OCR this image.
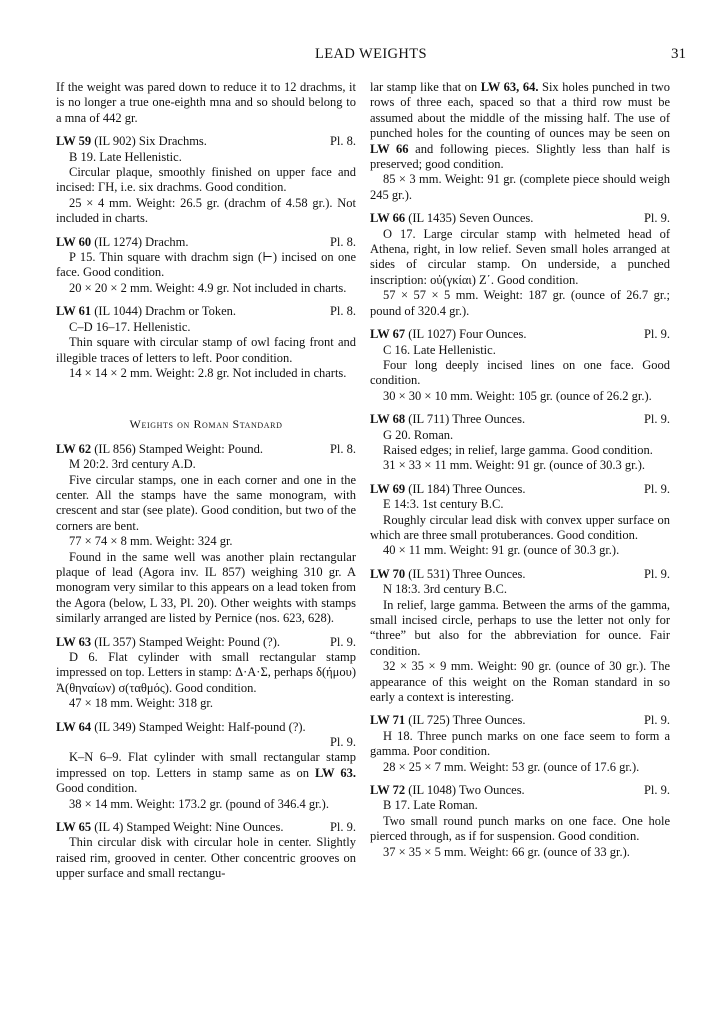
LEAD WEIGHTS	31

If the weight was pared down to reduce it to 12 drachms, it is no longer a true one-eighth mna and so should belong to a mna of 442 gr.

LW 59 (IL 902) Six Drachms.	Pl. 8.

B 19. Late Hellenistic.

Circular plaque, smoothly finished on upper face and incised: ΓΗ, i.e. six drachms. Good condition.

25 × 4 mm. Weight: 26.5 gr. (drachm of 4.58 gr.). Not included in charts.

LW 60 (IL 1274) Drachm.	Pl. 8.

P 15. Thin square with drachm sign (⊢) incised on one face. Good condition.

20 × 20 × 2 mm. Weight: 4.9 gr. Not included in charts.

LW 61 (IL 1044) Drachm or Token.	Pl. 8.

C–D 16–17. Hellenistic.

Thin square with circular stamp of owl facing front and illegible traces of letters to left. Poor condition.

14 × 14 × 2 mm. Weight: 2.8 gr. Not included in charts.

Weights on Roman Standard
LW 62 (IL 856) Stamped Weight: Pound.	Pl. 8.

M 20:2. 3rd century A.D.

Five circular stamps, one in each corner and one in the center. All the stamps have the same monogram, with crescent and star (see plate). Good condition, but two of the corners are bent.

77 × 74 × 8 mm. Weight: 324 gr.

Found in the same well was another plain rectangular plaque of lead (Agora inv. IL 857) weighing 310 gr. A monogram very similar to this appears on a lead token from the Agora (below, L 33, Pl. 20). Other weights with stamps similarly arranged are listed by Pernice (nos. 623, 628).

LW 63 (IL 357) Stamped Weight: Pound (?).	Pl. 9.

D 6. Flat cylinder with small rectangular stamp impressed on top. Letters in stamp: Δ·Α·Σ, perhaps δ(ήμου) Ἀ(θηναίων) σ(ταθμός). Good condition.

47 × 18 mm. Weight: 318 gr.

LW 64 (IL 349) Stamped Weight: Half-pound (?).
Pl. 9.

K–N 6–9. Flat cylinder with small rectangular stamp impressed on top. Letters in stamp same as on LW 63. Good condition.

38 × 14 mm. Weight: 173.2 gr. (pound of 346.4 gr.).

LW 65 (IL 4) Stamped Weight: Nine Ounces.	Pl. 9.

Thin circular disk with circular hole in center. Slightly raised rim, grooved in center. Other concentric grooves on upper surface and small rectangu-

lar stamp like that on LW 63, 64. Six holes punched in two rows of three each, spaced so that a third row must be assumed about the middle of the missing half. The use of punched holes for the counting of ounces may be seen on LW 66 and following pieces. Slightly less than half is preserved; good condition.

85 × 3 mm. Weight: 91 gr. (complete piece should weigh 245 gr.).

LW 66 (IL 1435) Seven Ounces.	Pl. 9.

O 17. Large circular stamp with helmeted head of Athena, right, in low relief. Seven small holes arranged at sides of circular stamp. On underside, a punched inscription: οὐ(γκίαι) Ζ΄. Good condition.

57 × 57 × 5 mm. Weight: 187 gr. (ounce of 26.7 gr.; pound of 320.4 gr.).

LW 67 (IL 1027) Four Ounces.	Pl. 9.

C 16. Late Hellenistic.

Four long deeply incised lines on one face. Good condition.

30 × 30 × 10 mm. Weight: 105 gr. (ounce of 26.2 gr.).

LW 68 (IL 711) Three Ounces.	Pl. 9.

G 20. Roman.

Raised edges; in relief, large gamma. Good condition.

31 × 33 × 11 mm. Weight: 91 gr. (ounce of 30.3 gr.).

LW 69 (IL 184) Three Ounces.	Pl. 9.

E 14:3. 1st century B.C.

Roughly circular lead disk with convex upper surface on which are three small protuberances. Good condition.

40 × 11 mm. Weight: 91 gr. (ounce of 30.3 gr.).

LW 70 (IL 531) Three Ounces.	Pl. 9.

N 18:3. 3rd century B.C.

In relief, large gamma. Between the arms of the gamma, small incised circle, perhaps to use the letter not only for “three” but also for the abbreviation for ounce. Fair condition.

32 × 35 × 9 mm. Weight: 90 gr. (ounce of 30 gr.). The appearance of this weight on the Roman standard in so early a context is interesting.

LW 71 (IL 725) Three Ounces.	Pl. 9.

H 18. Three punch marks on one face seem to form a gamma. Poor condition.

28 × 25 × 7 mm. Weight: 53 gr. (ounce of 17.6 gr.).

LW 72 (IL 1048) Two Ounces.	Pl. 9.

B 17. Late Roman.

Two small round punch marks on one face. One hole pierced through, as if for suspension. Good condition.

37 × 35 × 5 mm. Weight: 66 gr. (ounce of 33 gr.).
